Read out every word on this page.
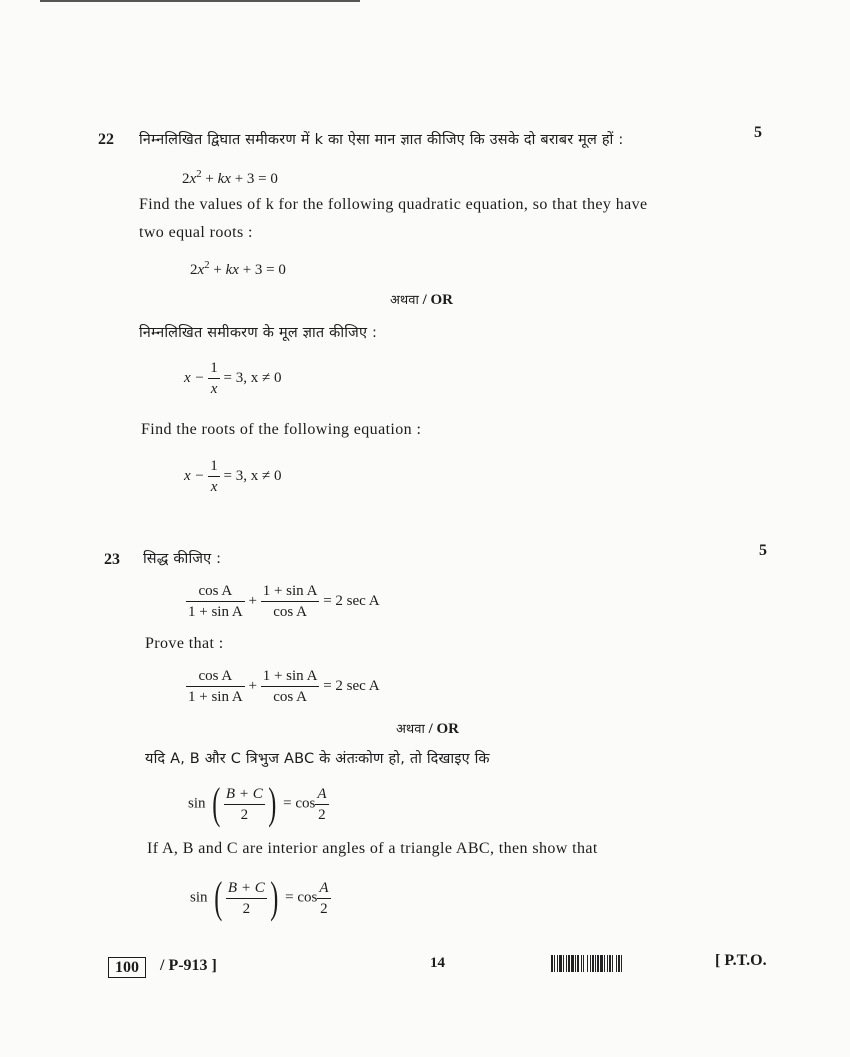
22 निम्नलिखित द्विघात समीकरण में k का ऐसा मान ज्ञात कीजिए कि उसके दो बराबर मूल हों :	5
$2x^2$ + kx + 3 = 0
Find the values of k for the following quadratic equation, so that they have
two equal roots :
$2x^2$ + kx + 3 = 0
अथवा / OR
निम्नलिखित समीकरण के मूल ज्ञात कीजिए :
$x - \frac{1}{x} = 3$, x ≠ 0
Find the roots of the following equation :
$x - \frac{1}{x} = 3$, x ≠ 0
23 सिद्ध कीजिए :	5
$\frac{\text{cos A}}{\text{1 + sin A}} + \frac{\text{1 + sin A}}{\text{cos A}} = 2$ sec A
Prove that :
$\frac{\text{cos A}}{\text{1 + sin A}} + \frac{\text{1 + sin A}}{\text{cos A}} = 2$ sec A
अथवा / OR
यदि A, B और C त्रिभुज ABC के अंतःकोण हो, तो दिखाइए कि
sin ( $\frac{B + C}{2}$ ) = $\cos \frac{A}{2}$
If A, B and C are interior angles of a triangle ABC, then show that
sin ( $\frac{B + C}{2}$ ) = $\cos \frac{A}{2}$
100	/ P-913 ]	14	[ P.T.O.
